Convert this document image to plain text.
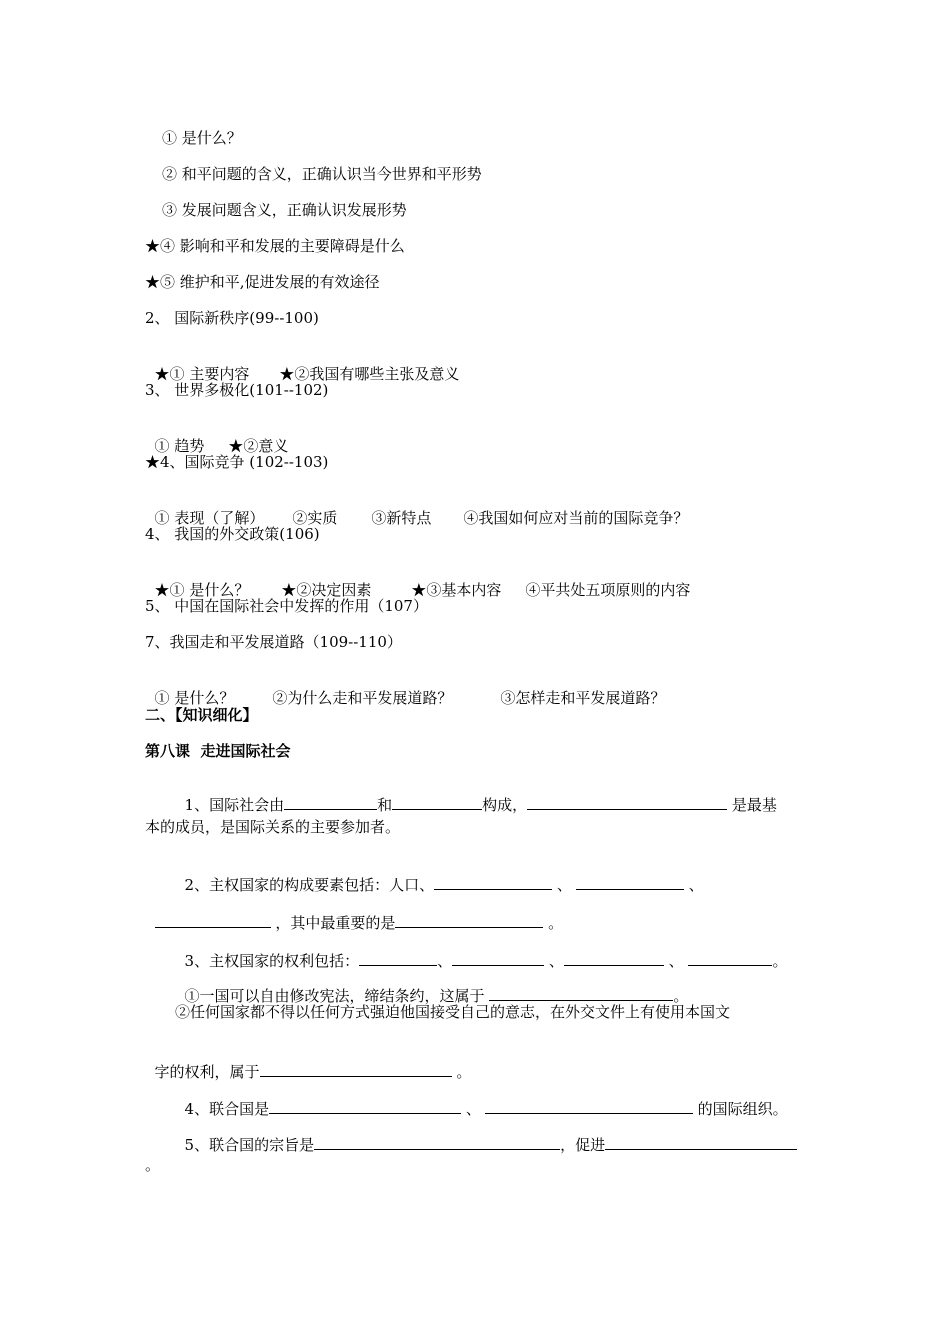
① 是什么？
② 和平问题的含义，正确认识当今世界和平形势
③ 发展问题含义，正确认识发展形势
★④ 影响和平和发展的主要障碍是什么
★⑤ 维护和平,促进发展的有效途径
2、 国际新秩序(99--100)

★① 主要内容 ★②我国有哪些主张及意义

3、 世界多极化(101--102)

① 趋势 ★②意义

★4、国际竞争 (102--103)

① 表现（了解） ②实质 ③新特点 ④我国如何应对当前的国际竞争？

4、 我国的外交政策(106)

★① 是什么？ ★②决定因素	★③基本内容 ④平共处五项原则的内容

5、 中国在国际社会中发挥的作用（107）
7、我国走和平发展道路（109--110）

① 是什么？	②为什么走和平发展道路？	③怎样走和平发展道路？

二、【知识细化】
第八课  走进国际社会

1、国际社会由	和	构成，	是最基

本的成员，是国际关系的主要参加者。

2、主权国家的构成要素包括：人口、	、	、

，其中最重要的是	。

3、主权国家的权利包括：	、	、	、	。

①一国可以自由修改宪法，缔结条约，这属于	。

②任何国家都不得以任何方式强迫他国接受自己的意志，在外交文件上有使用本国文

字的权利，属于	。

4、联合国是	、	的国际组织。

5、联合国的宗旨是	，促进

。
